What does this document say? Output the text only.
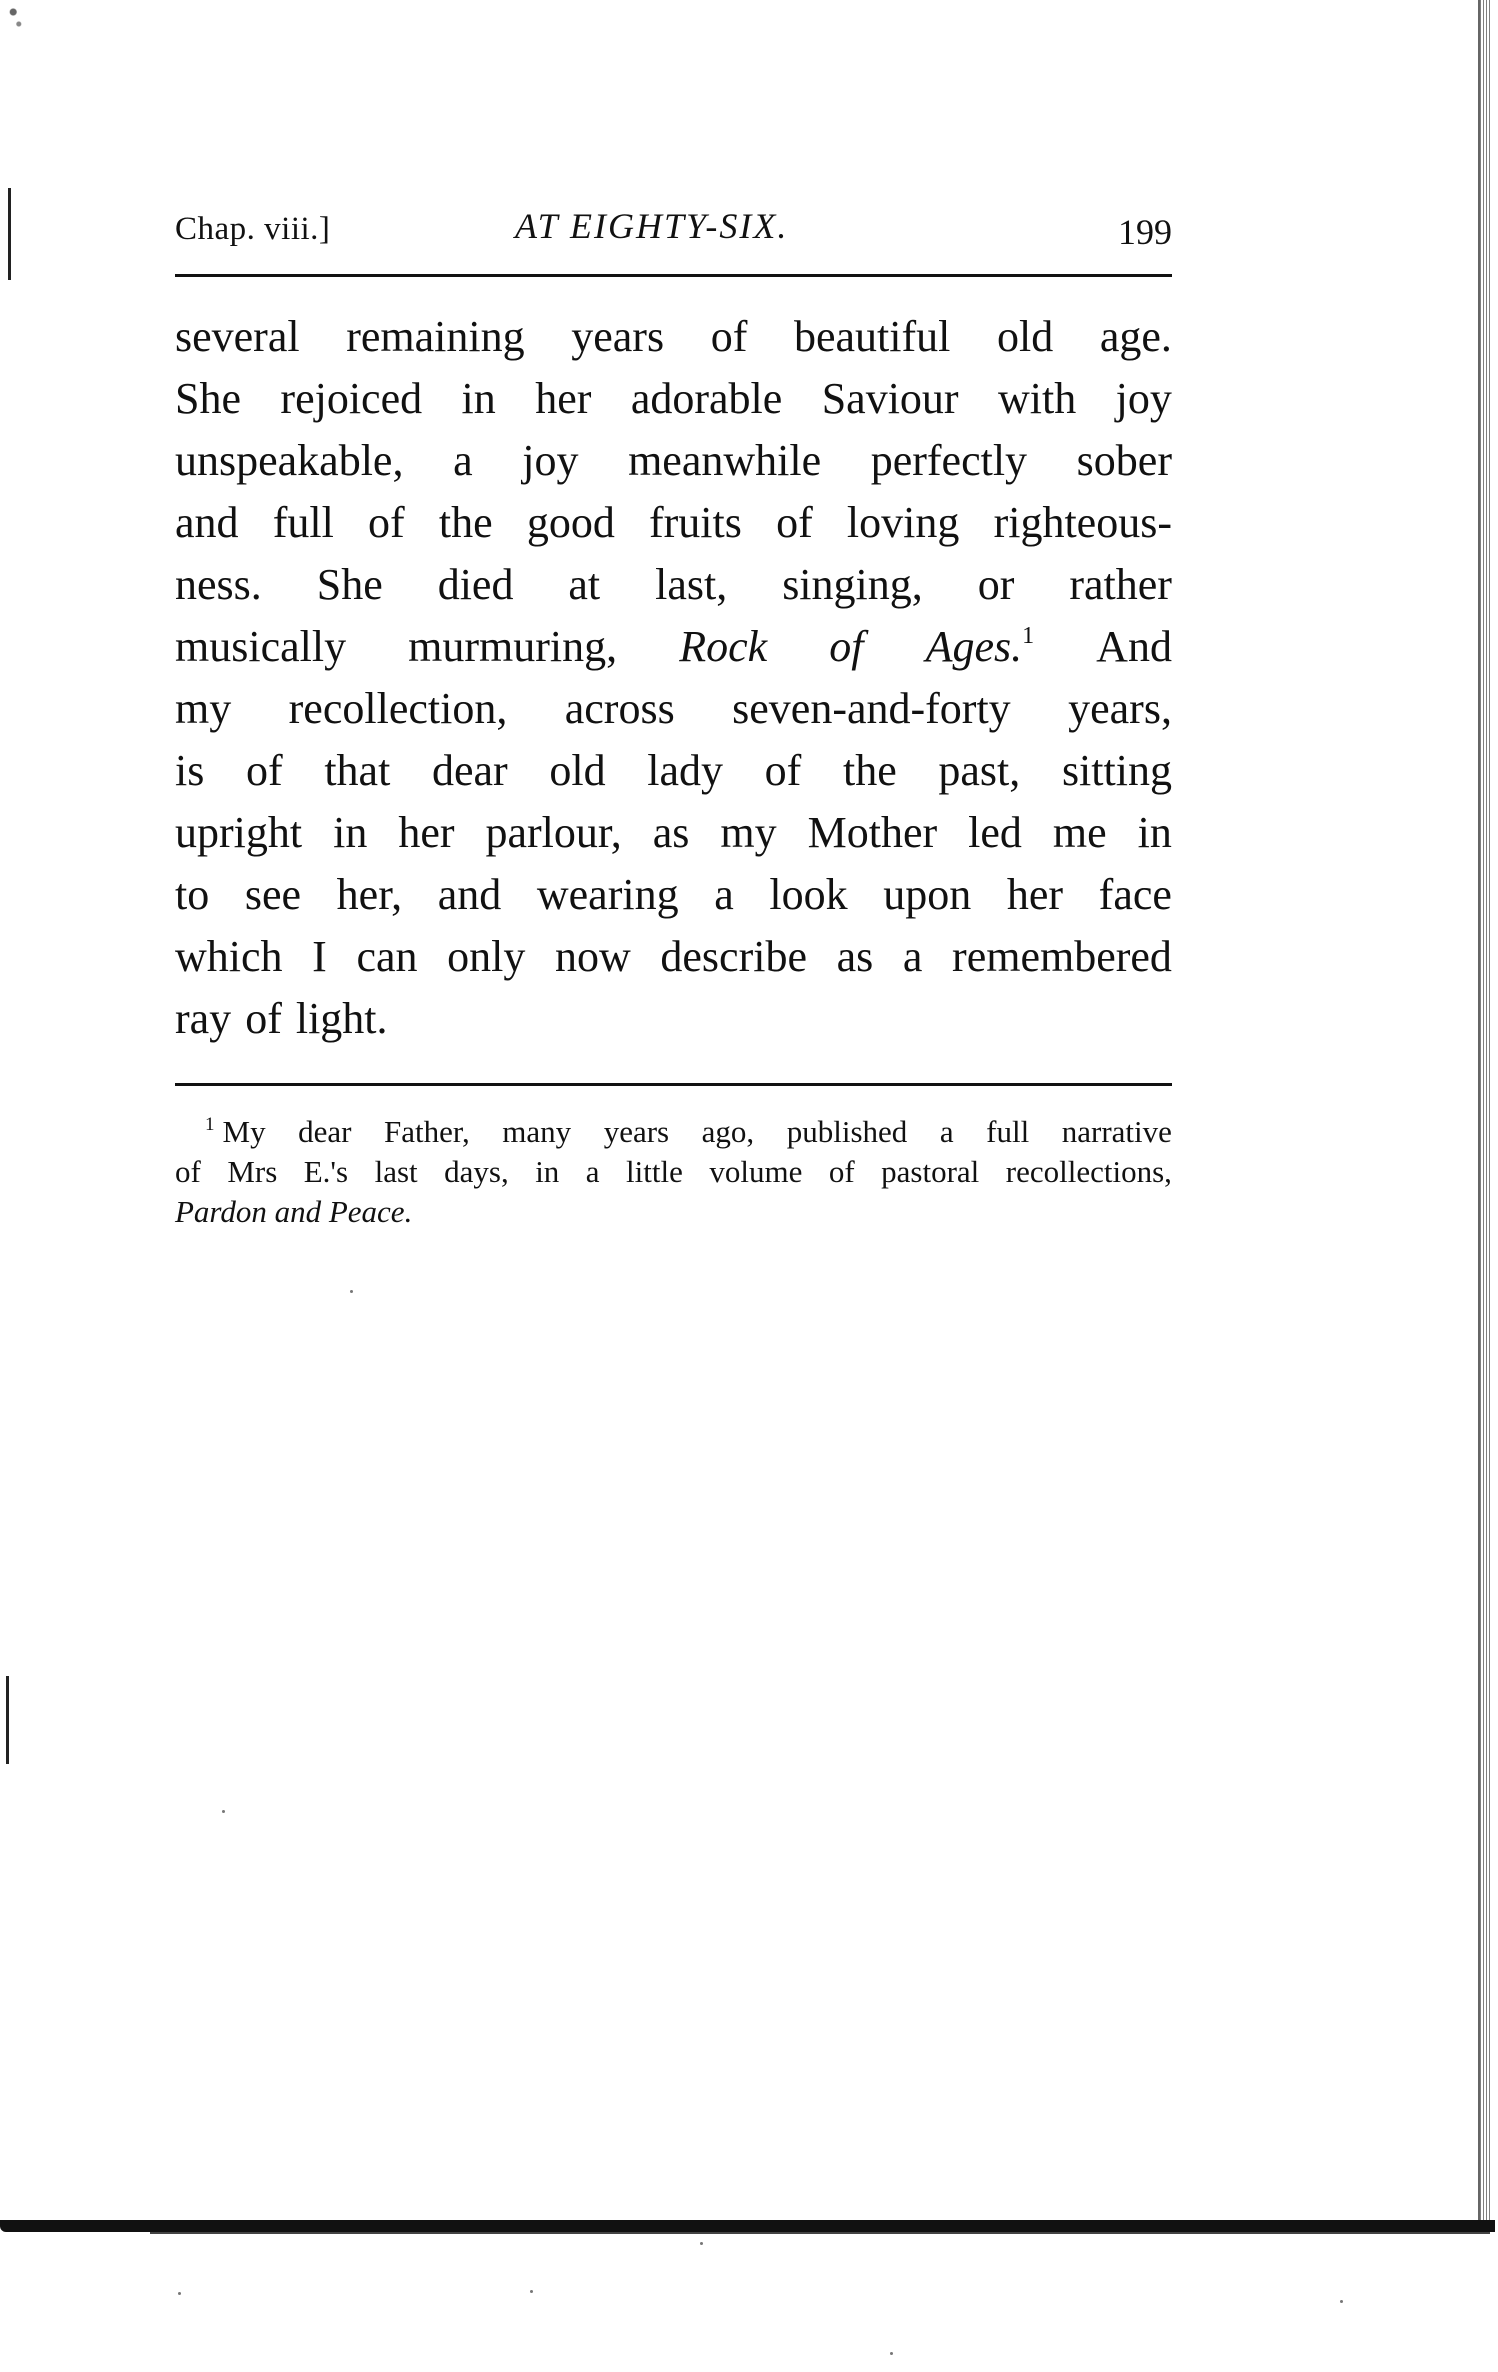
Chap. viii.]	AT EIGHTY-SIX.	199
several remaining years of beautiful old age.
She rejoiced in her adorable Saviour with joy
unspeakable, a joy meanwhile perfectly sober
and full of the good fruits of loving righteous-
ness. She died at last, singing, or rather
musically murmuring, Rock of Ages.$^1$ And
my recollection, across seven-and-forty years,
is of that dear old lady of the past, sitting
upright in her parlour, as my Mother led me in
to see her, and wearing a look upon her face
which I can only now describe as a remembered
ray of light.
$^1$ My dear Father, many years ago, published a full narrative
of Mrs E.'s last days, in a little volume of pastoral recollections,
Pardon and Peace.
